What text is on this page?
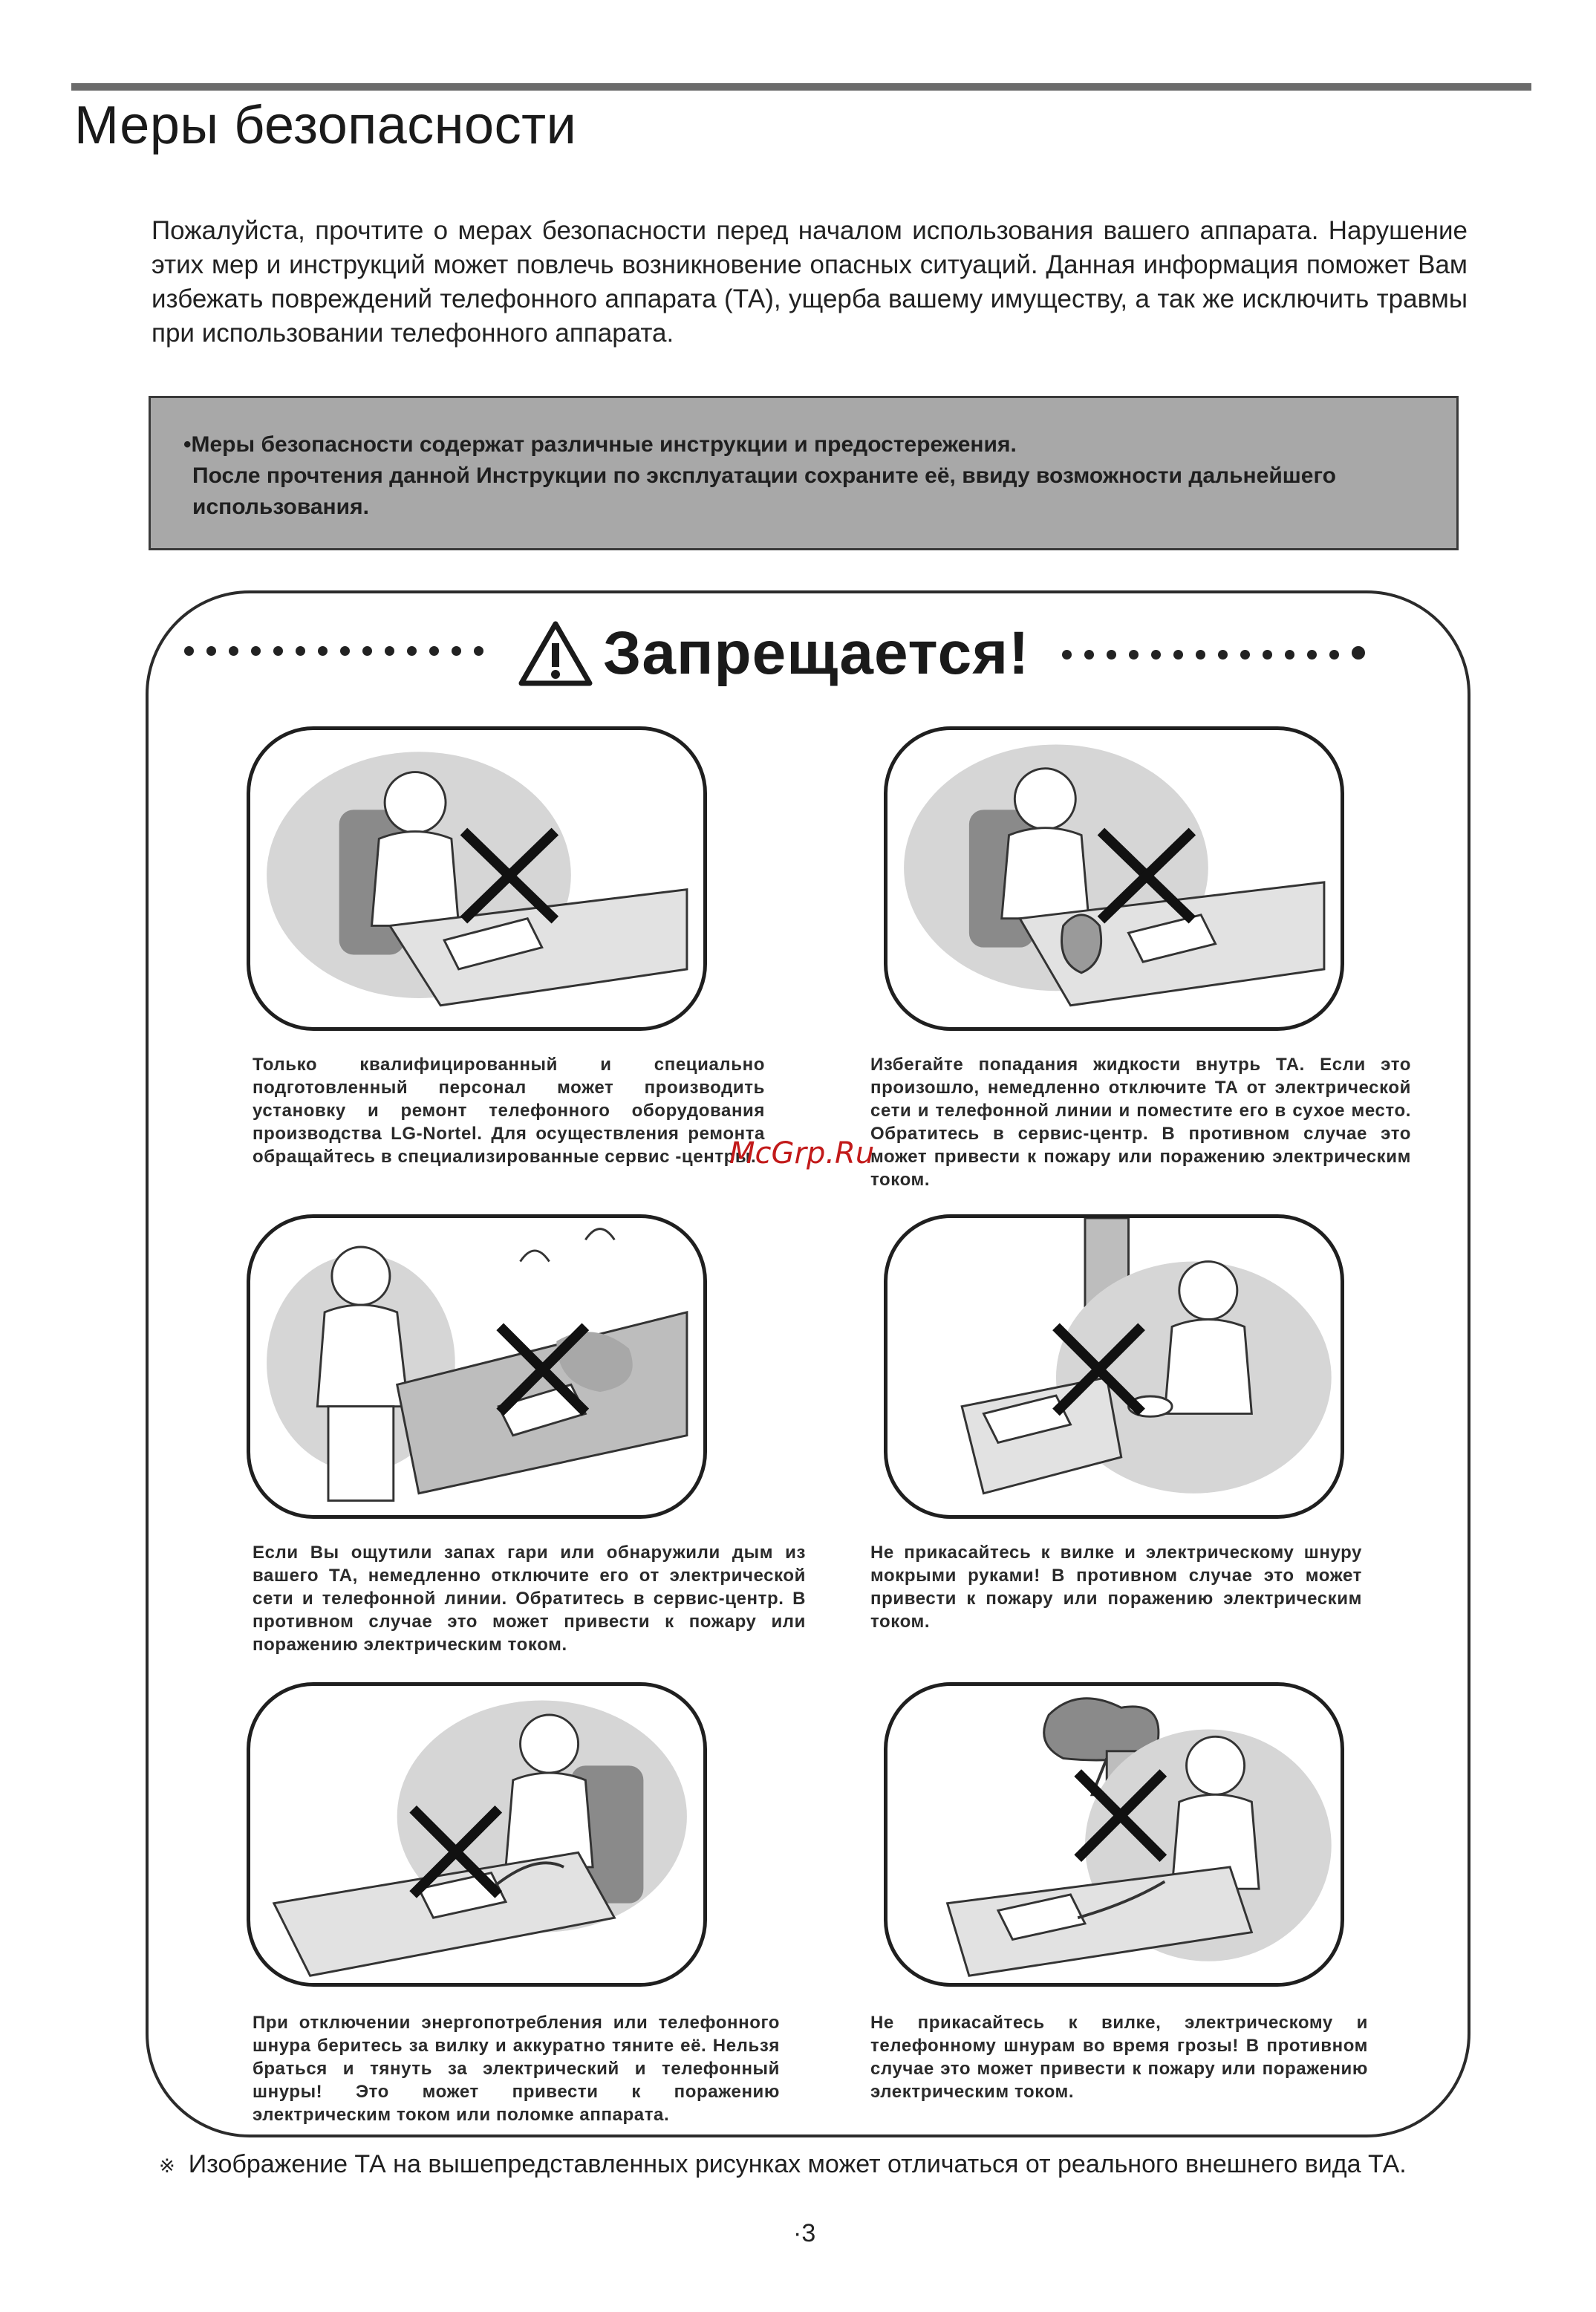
Меры безопасности
Пожалуйста, прочтите о мерах безопасности перед началом использования вашего аппарата. Нарушение этих мер и инструкций может повлечь возникновение опасных ситуаций. Данная информация поможет Вам избежать повреждений телефонного аппарата (ТА), ущерба вашему имуществу, а так же исключить травмы при использовании телефонного аппарата.
•Меры безопасности содержат различные инструкции и предостережения.
После прочтения данной Инструкции по эксплуатации сохраните её, ввиду возможности дальнейшего использования.
Запрещается!
Только квалифицированный и специально подготовленный персонал может производить установку и ремонт телефонного оборудования производства LG-Nortel. Для осуществления ремонта обращайтесь в специализированные сервис -центры.
Избегайте попадания жидкости внутрь ТА. Если это произошло, немедленно отключите ТА от электрической сети и телефонной линии и поместите его в сухое место. Обратитесь в сервис-центр. В противном случае это может привести к пожару или поражению электрическим током.
Если Вы ощутили запах гари или обнаружили дым из вашего ТА, немедленно отключите его от электрической сети и телефонной линии. Обратитесь в сервис-центр. В противном случае это может привести к пожару или поражению электрическим током.
Не прикасайтесь к вилке и электрическому шнуру мокрыми руками! В противном случае это может привести к пожару или поражению электрическим током.
При отключении энергопотребления или телефонного шнура беритесь за вилку и аккуратно тяните её. Нельзя браться и тянуть за электрический и телефонный шнуры! Это может привести к поражению электрическим током или поломке аппарата.
Не прикасайтесь к вилке, электрическому и телефонному шнурам во время грозы! В противном случае это может привести к пожару или поражению электрическим током.
McGrp.Ru
※ Изображение ТА на вышепредставленных рисунках может отличаться от реального внешнего вида ТА.
·3
